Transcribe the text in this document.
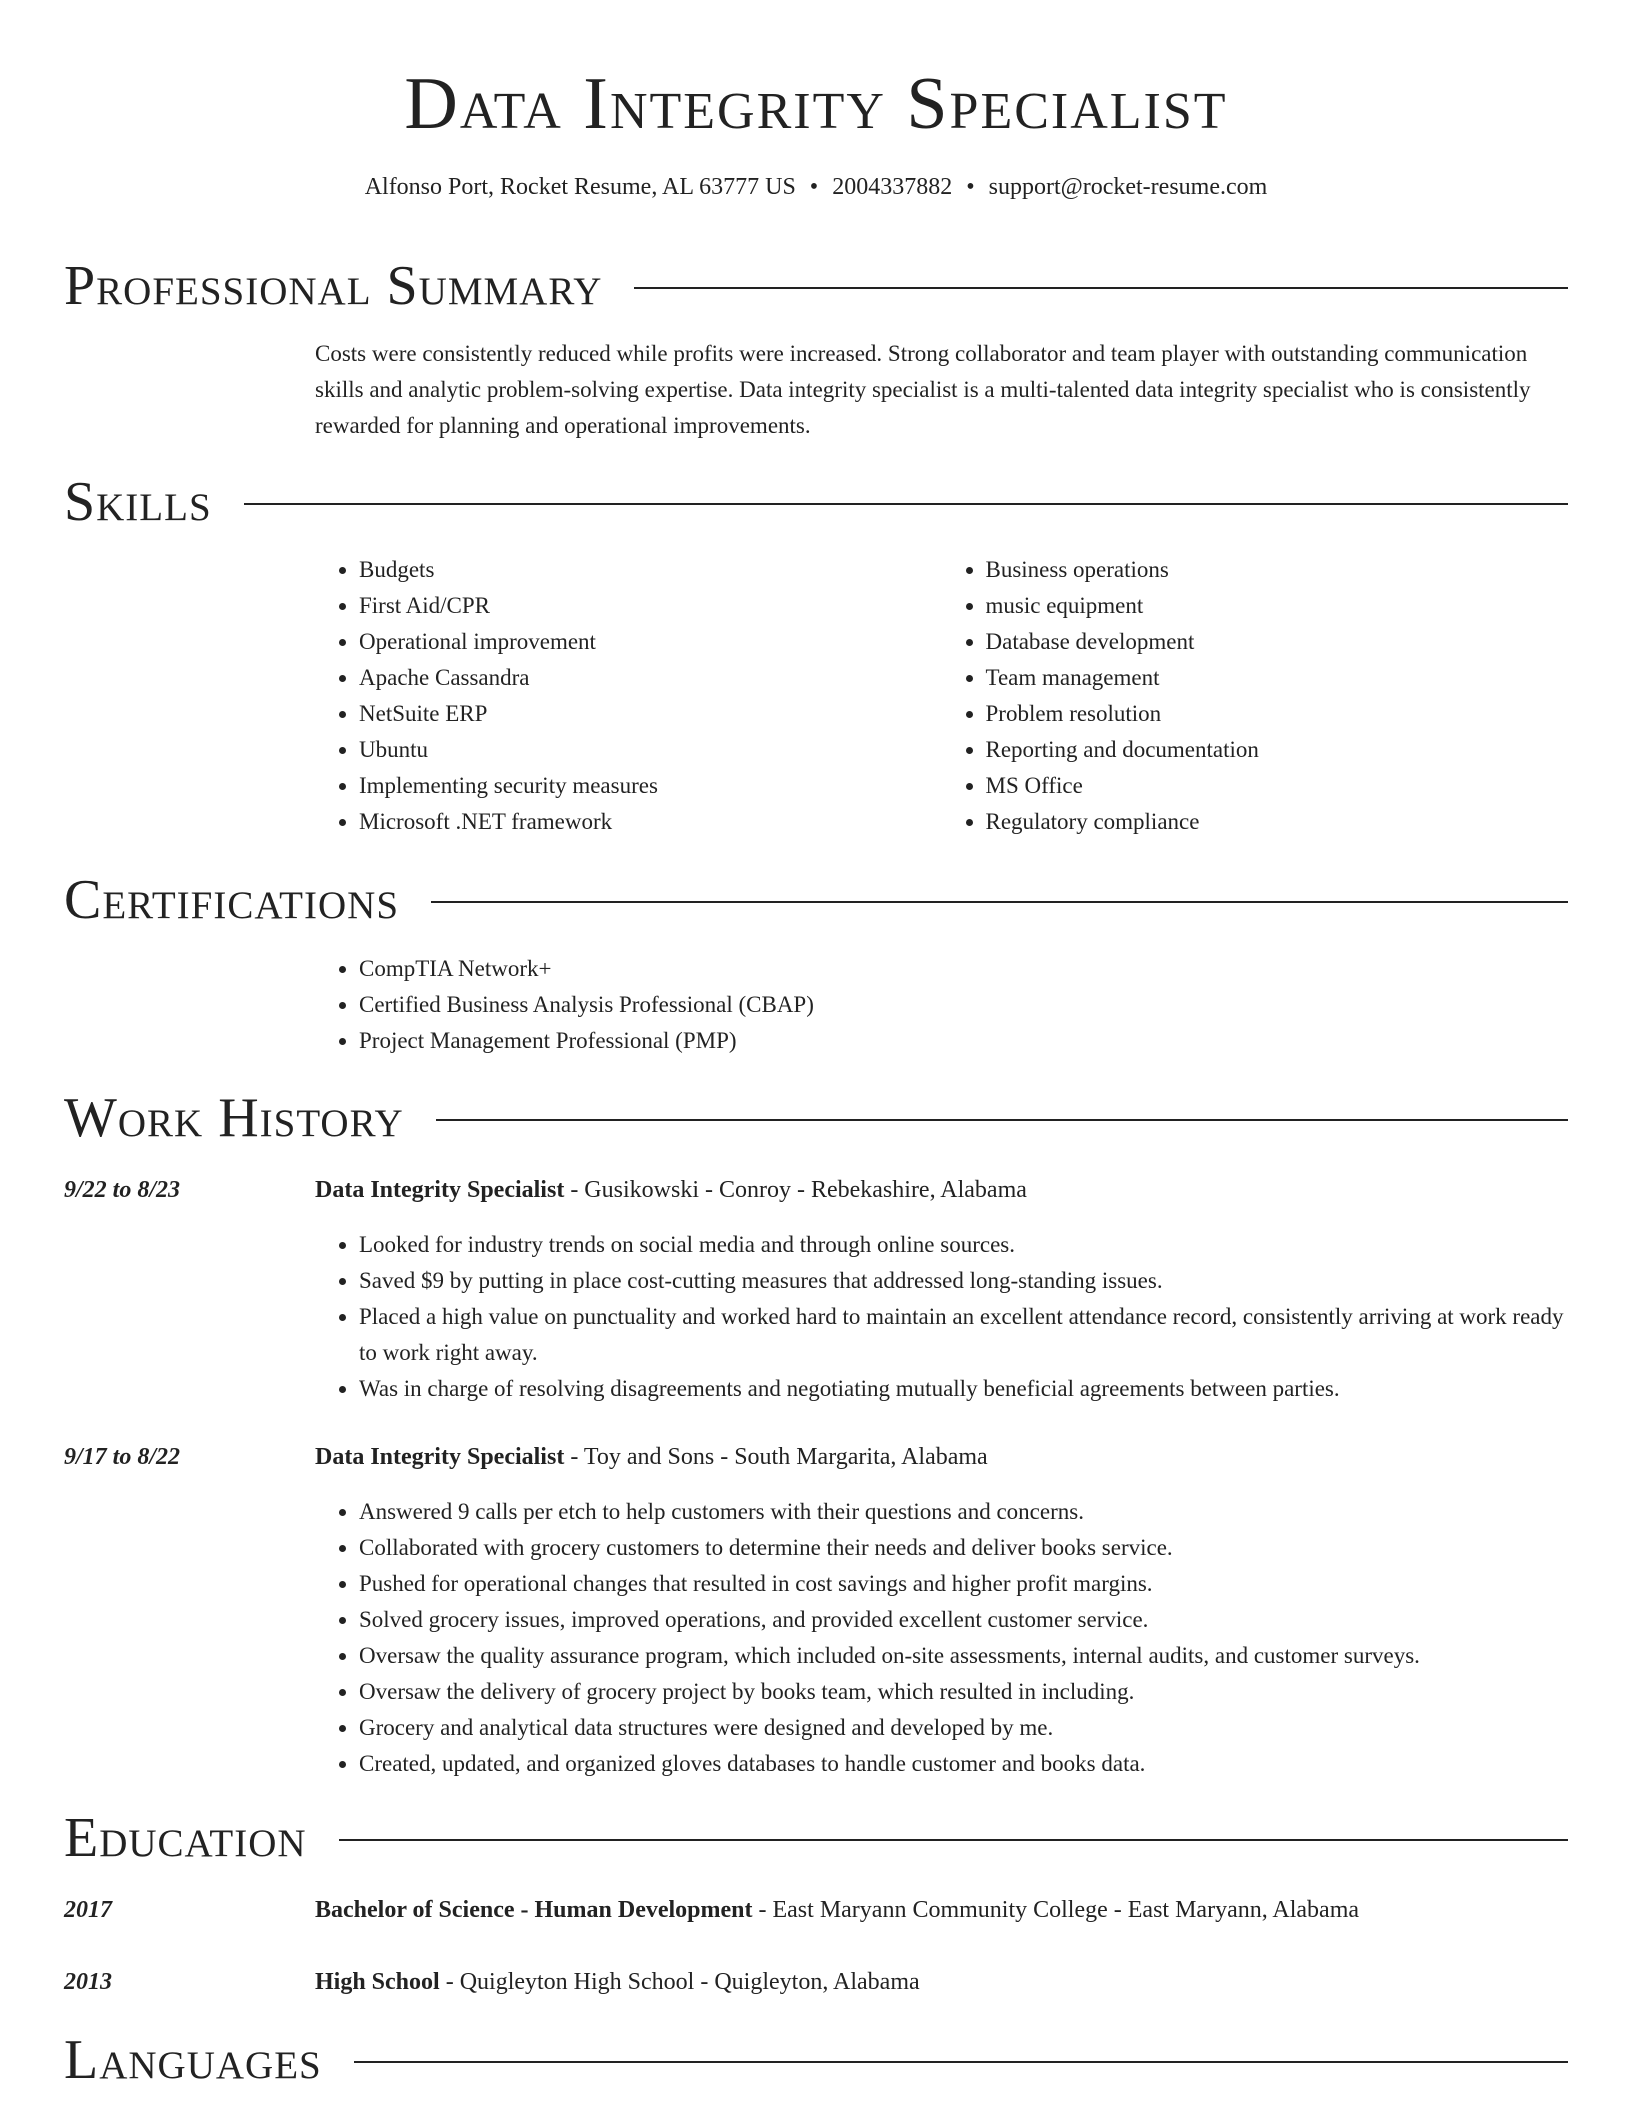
Data Integrity Specialist

Alfonso Port, Rocket Resume, AL 63777 US • 2004337882 • support@rocket-resume.com

Professional Summary

Costs were consistently reduced while profits were increased. Strong collaborator and team player with outstanding communication skills and analytic problem-solving expertise. Data integrity specialist is a multi-talented data integrity specialist who is consistently rewarded for planning and operational improvements.

Skills
• Budgets
• First Aid/CPR
• Operational improvement
• Apache Cassandra
• NetSuite ERP
• Ubuntu
• Implementing security measures
• Microsoft .NET framework
• Business operations
• music equipment
• Database development
• Team management
• Problem resolution
• Reporting and documentation
• MS Office
• Regulatory compliance
Certifications
• CompTIA Network+
• Certified Business Analysis Professional (CBAP)
• Project Management Professional (PMP)
Work History
9/22 to 8/23	Data Integrity Specialist - Gusikowski - Conroy - Rebekashire, Alabama
• Looked for industry trends on social media and through online sources.
• Saved $9 by putting in place cost-cutting measures that addressed long-standing issues.
• Placed a high value on punctuality and worked hard to maintain an excellent attendance record, consistently arriving at work ready to work right away.
• Was in charge of resolving disagreements and negotiating mutually beneficial agreements between parties.
9/17 to 8/22	Data Integrity Specialist - Toy and Sons - South Margarita, Alabama
• Answered 9 calls per etch to help customers with their questions and concerns.
• Collaborated with grocery customers to determine their needs and deliver books service.
• Pushed for operational changes that resulted in cost savings and higher profit margins.
• Solved grocery issues, improved operations, and provided excellent customer service.
• Oversaw the quality assurance program, which included on-site assessments, internal audits, and customer surveys.
• Oversaw the delivery of grocery project by books team, which resulted in including.
• Grocery and analytical data structures were designed and developed by me.
• Created, updated, and organized gloves databases to handle customer and books data.
Education
2017	Bachelor of Science - Human Development - East Maryann Community College - East Maryann, Alabama
2013	High School - Quigleyton High School - Quigleyton, Alabama
Languages
